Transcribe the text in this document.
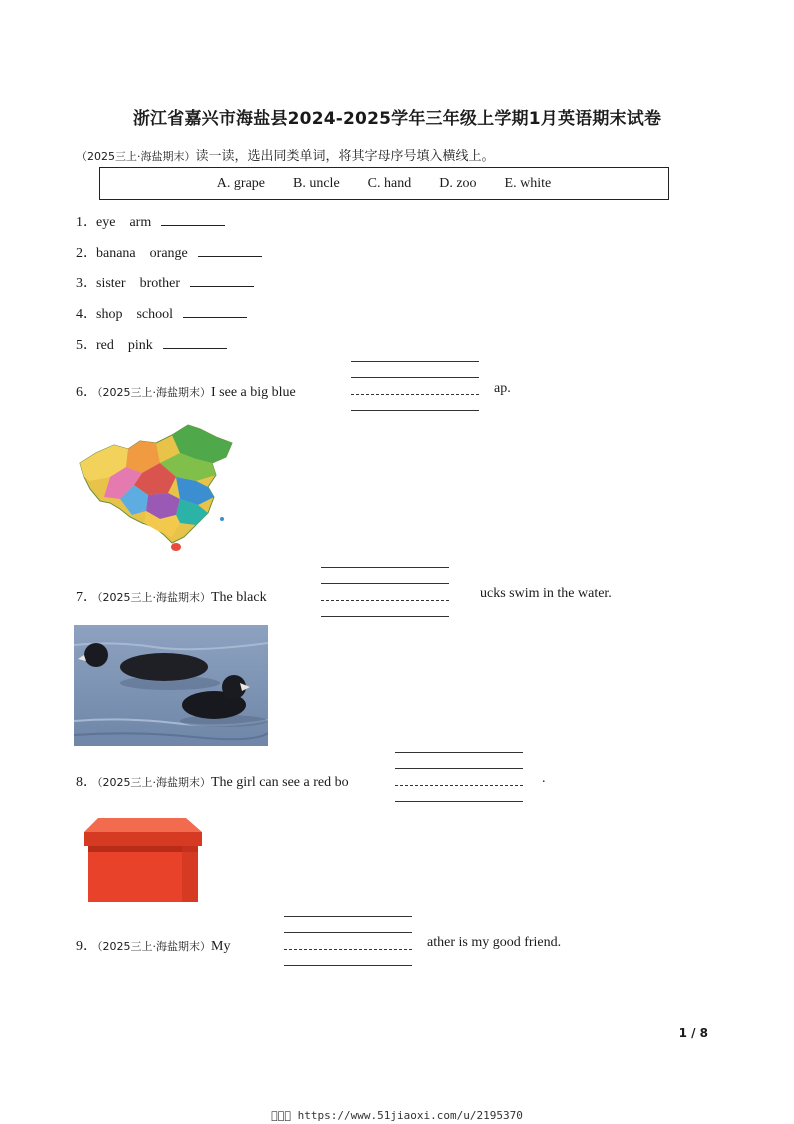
浙江省嘉兴市海盐县2024-2025学年三年级上学期1月英语期末试卷
（2025三上·海盐期末）读一读，选出同类单词，将其字母序号填入横线上。
A. grape B. uncle C. hand D. zoo E. white
1．eye arm
2．banana orange
3．sister brother
4．shop school
5．red pink
6．（2025三上·海盐期末）I see a big blue	ap.
7．（2025三上·海盐期末）The black	ucks swim in the water.
8．（2025三上·海盐期末）The girl can see a red bo	.
9．（2025三上·海盐期末）My	ather is my good friend.
1 / 8
    https://www.51jiaoxi.com/u/2195370
